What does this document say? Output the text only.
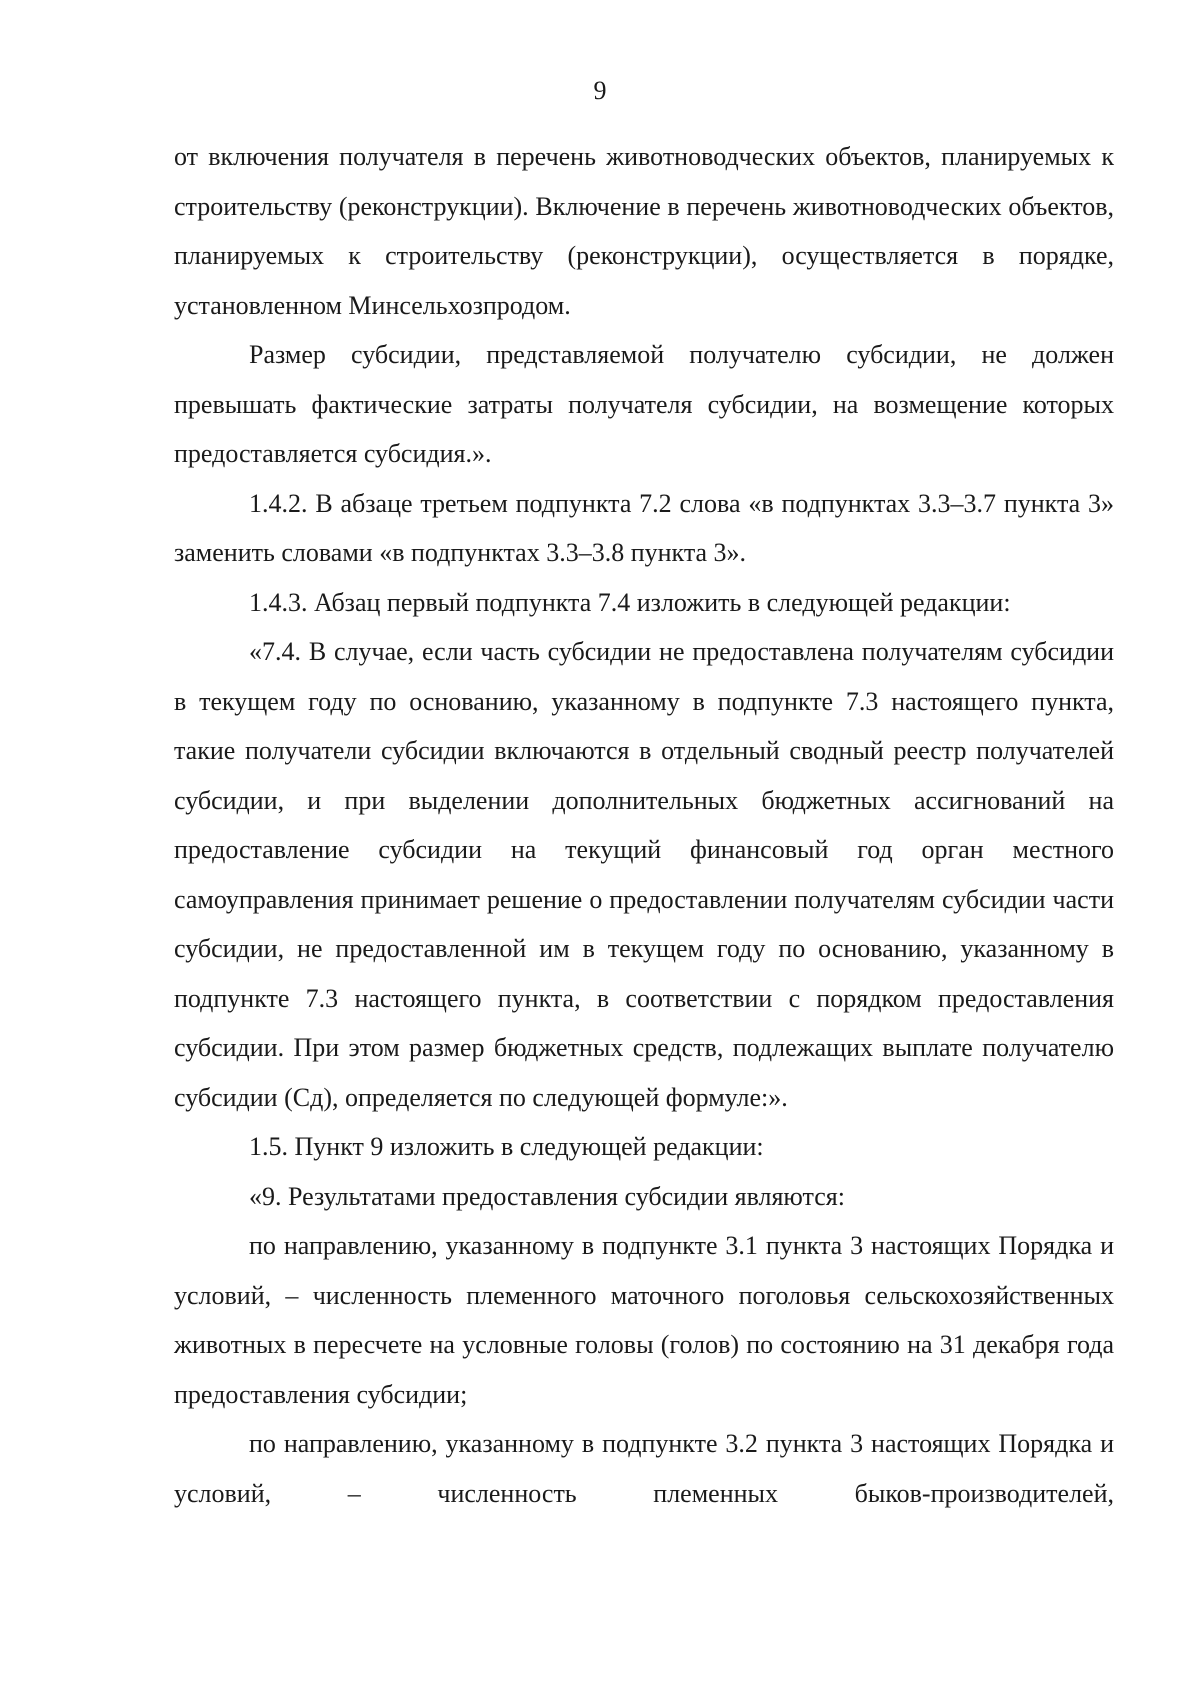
9

от включения получателя в перечень животноводческих объектов, планируемых к строительству (реконструкции). Включение в перечень животноводческих объектов, планируемых к строительству (реконструкции), осуществляется в порядке, установленном Минсельхозпродом.

Размер субсидии, представляемой получателю субсидии, не должен превышать фактические затраты получателя субсидии, на возмещение которых предоставляется субсидия.».

1.4.2. В абзаце третьем подпункта 7.2 слова «в подпунктах 3.3–3.7 пункта 3» заменить словами «в подпунктах 3.3–3.8 пункта 3».

1.4.3. Абзац первый подпункта 7.4 изложить в следующей редакции:

«7.4. В случае, если часть субсидии не предоставлена получателям субсидии в текущем году по основанию, указанному в подпункте 7.3 настоящего пункта, такие получатели субсидии включаются в отдельный сводный реестр получателей субсидии, и при выделении дополнительных бюджетных ассигнований на предоставление субсидии на текущий финансовый год орган местного самоуправления принимает решение о предоставлении получателям субсидии части субсидии, не предоставленной им в текущем году по основанию, указанному в подпункте 7.3 настоящего пункта, в соответствии с порядком предоставления субсидии. При этом размер бюджетных средств, подлежащих выплате получателю субсидии (Сд), определяется по следующей формуле:».

1.5. Пункт 9 изложить в следующей редакции:

«9. Результатами предоставления субсидии являются:

по направлению, указанному в подпункте 3.1 пункта 3 настоящих Порядка и условий, – численность племенного маточного поголовья сельскохозяйственных животных в пересчете на условные головы (голов) по состоянию на 31 декабря года предоставления субсидии;

по направлению, указанному в подпункте 3.2 пункта 3 настоящих Порядка и условий, – численность племенных быков-производителей,
